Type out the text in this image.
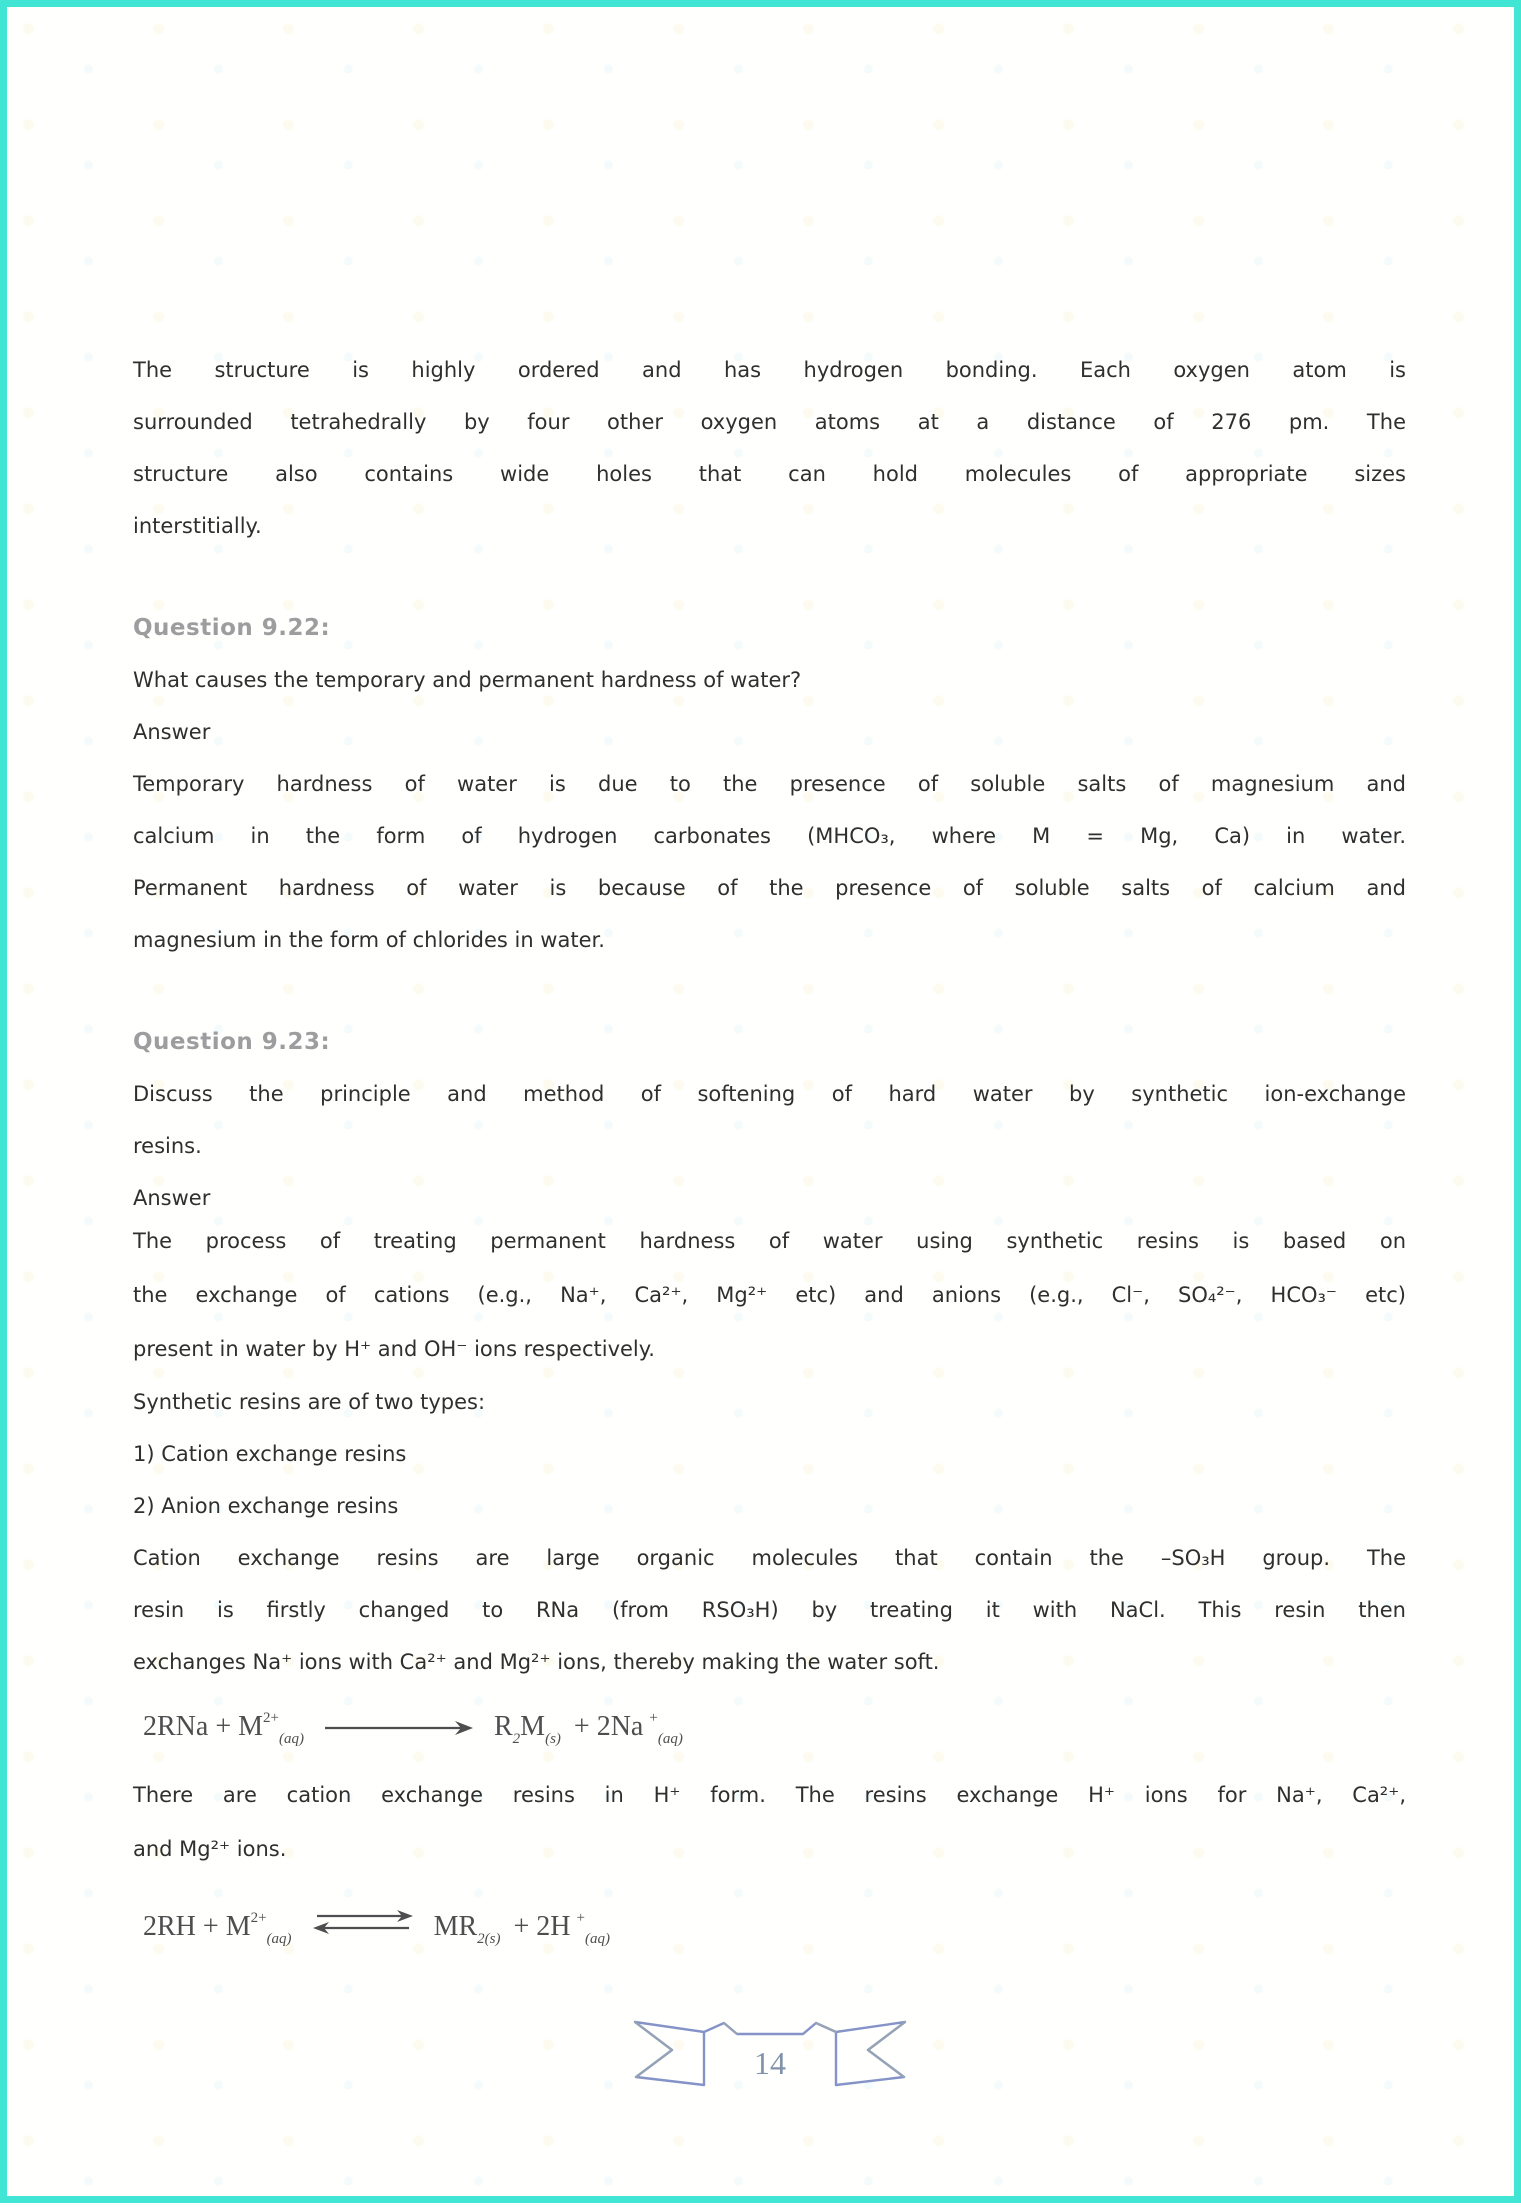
The structure is highly ordered and has hydrogen bonding. Each oxygen atom is
surrounded tetrahedrally by four other oxygen atoms at a distance of 276 pm. The
structure also contains wide holes that can hold molecules of appropriate sizes
interstitially.
Question 9.22:
What causes the temporary and permanent hardness of water?
Answer
Temporary hardness of water is due to the presence of soluble salts of magnesium and
calcium in the form of hydrogen carbonates (MHCO₃, where M = Mg, Ca) in water.
Permanent hardness of water is because of the presence of soluble salts of calcium and
magnesium in the form of chlorides in water.
Question 9.23:
Discuss the principle and method of softening of hard water by synthetic ion-exchange
resins.
Answer
The process of treating permanent hardness of water using synthetic resins is based on
the exchange of cations (e.g., Na⁺, Ca²⁺, Mg²⁺ etc) and anions (e.g., Cl⁻, SO₄²⁻, HCO₃⁻ etc)
present in water by H⁺ and OH⁻ ions respectively.
Synthetic resins are of two types:
1) Cation exchange resins
2) Anion exchange resins
Cation exchange resins are large organic molecules that contain the –SO₃H group. The
resin is firstly changed to RNa (from RSO₃H) by treating it with NaCl. This resin then
exchanges Na⁺ ions with Ca²⁺ and Mg²⁺ ions, thereby making the water soft.
$2RNa + M^{2+}_{(aq)}$	$R_2M_{(s)} + 2Na$ +$_{(aq)}$
There are cation exchange resins in H⁺ form. The resins exchange H⁺ ions for Na⁺, Ca²⁺,
and Mg²⁺ ions.
$2RH + M^{2+}_{(aq)}$ ⇌ $MR_{2(s)} + 2H$ +$_{(aq)}$
14
